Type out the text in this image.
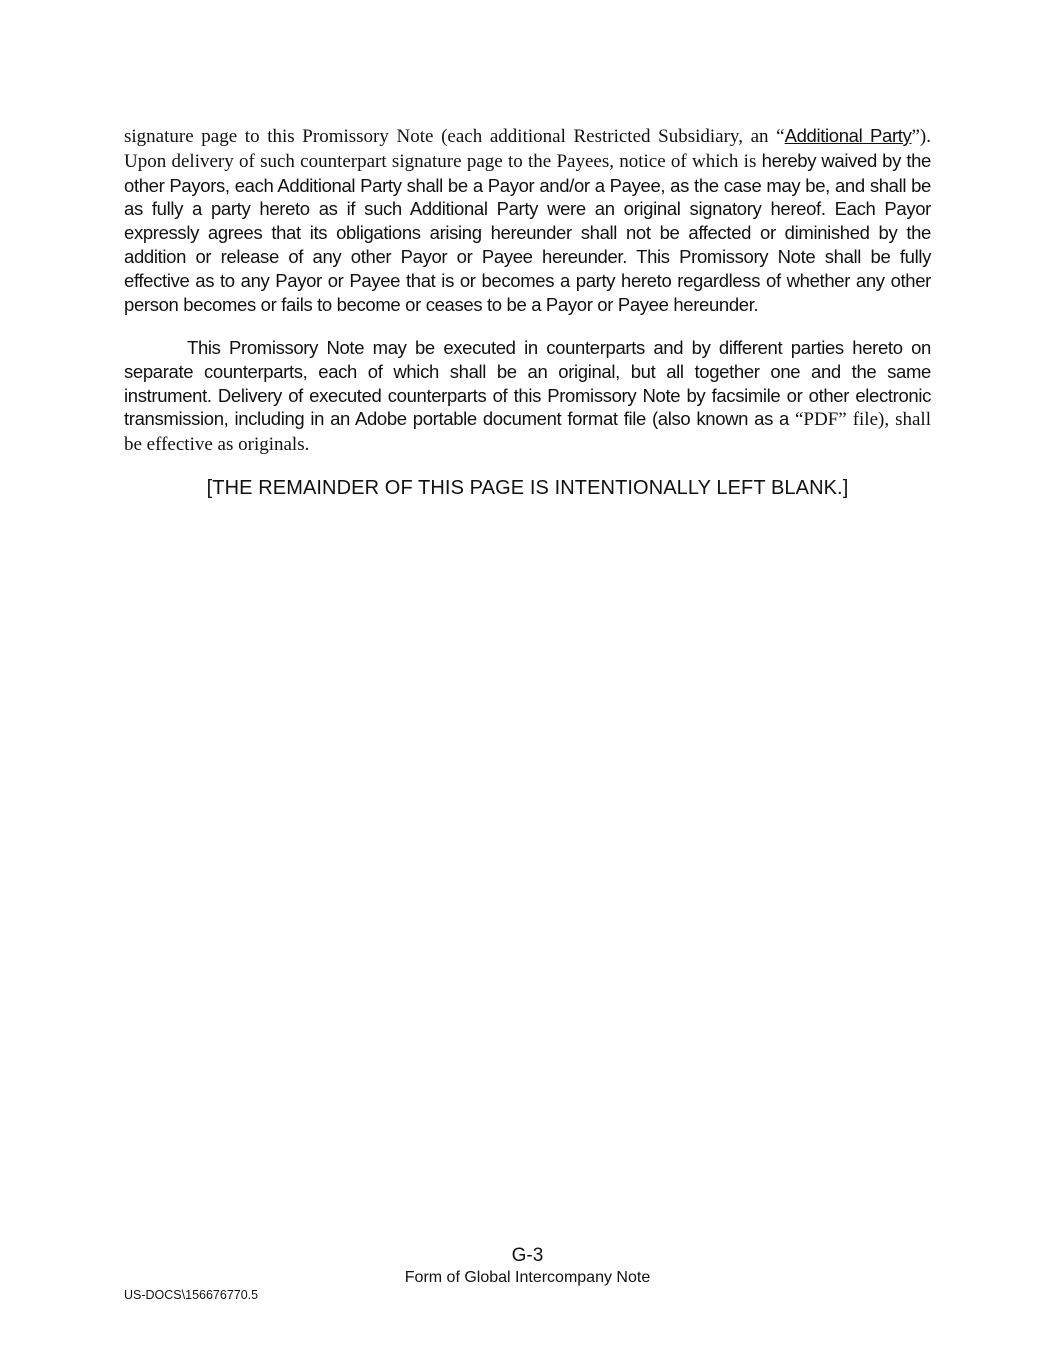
signature page to this Promissory Note (each additional Restricted Subsidiary, an “Additional Party”). Upon delivery of such counterpart signature page to the Payees, notice of which is hereby waived by the other Payors, each Additional Party shall be a Payor and/or a Payee, as the case may be, and shall be as fully a party hereto as if such Additional Party were an original signatory hereof. Each Payor expressly agrees that its obligations arising hereunder shall not be affected or diminished by the addition or release of any other Payor or Payee hereunder. This Promissory Note shall be fully effective as to any Payor or Payee that is or becomes a party hereto regardless of whether any other person becomes or fails to become or ceases to be a Payor or Payee hereunder.

This Promissory Note may be executed in counterparts and by different parties hereto on separate counterparts, each of which shall be an original, but all together one and the same instrument. Delivery of executed counterparts of this Promissory Note by facsimile or other electronic transmission, including in an Adobe portable document format file (also known as a “PDF” file), shall be effective as originals.

[THE REMAINDER OF THIS PAGE IS INTENTIONALLY LEFT BLANK.]
G-3
Form of Global Intercompany Note
US-DOCS\156676770.5
